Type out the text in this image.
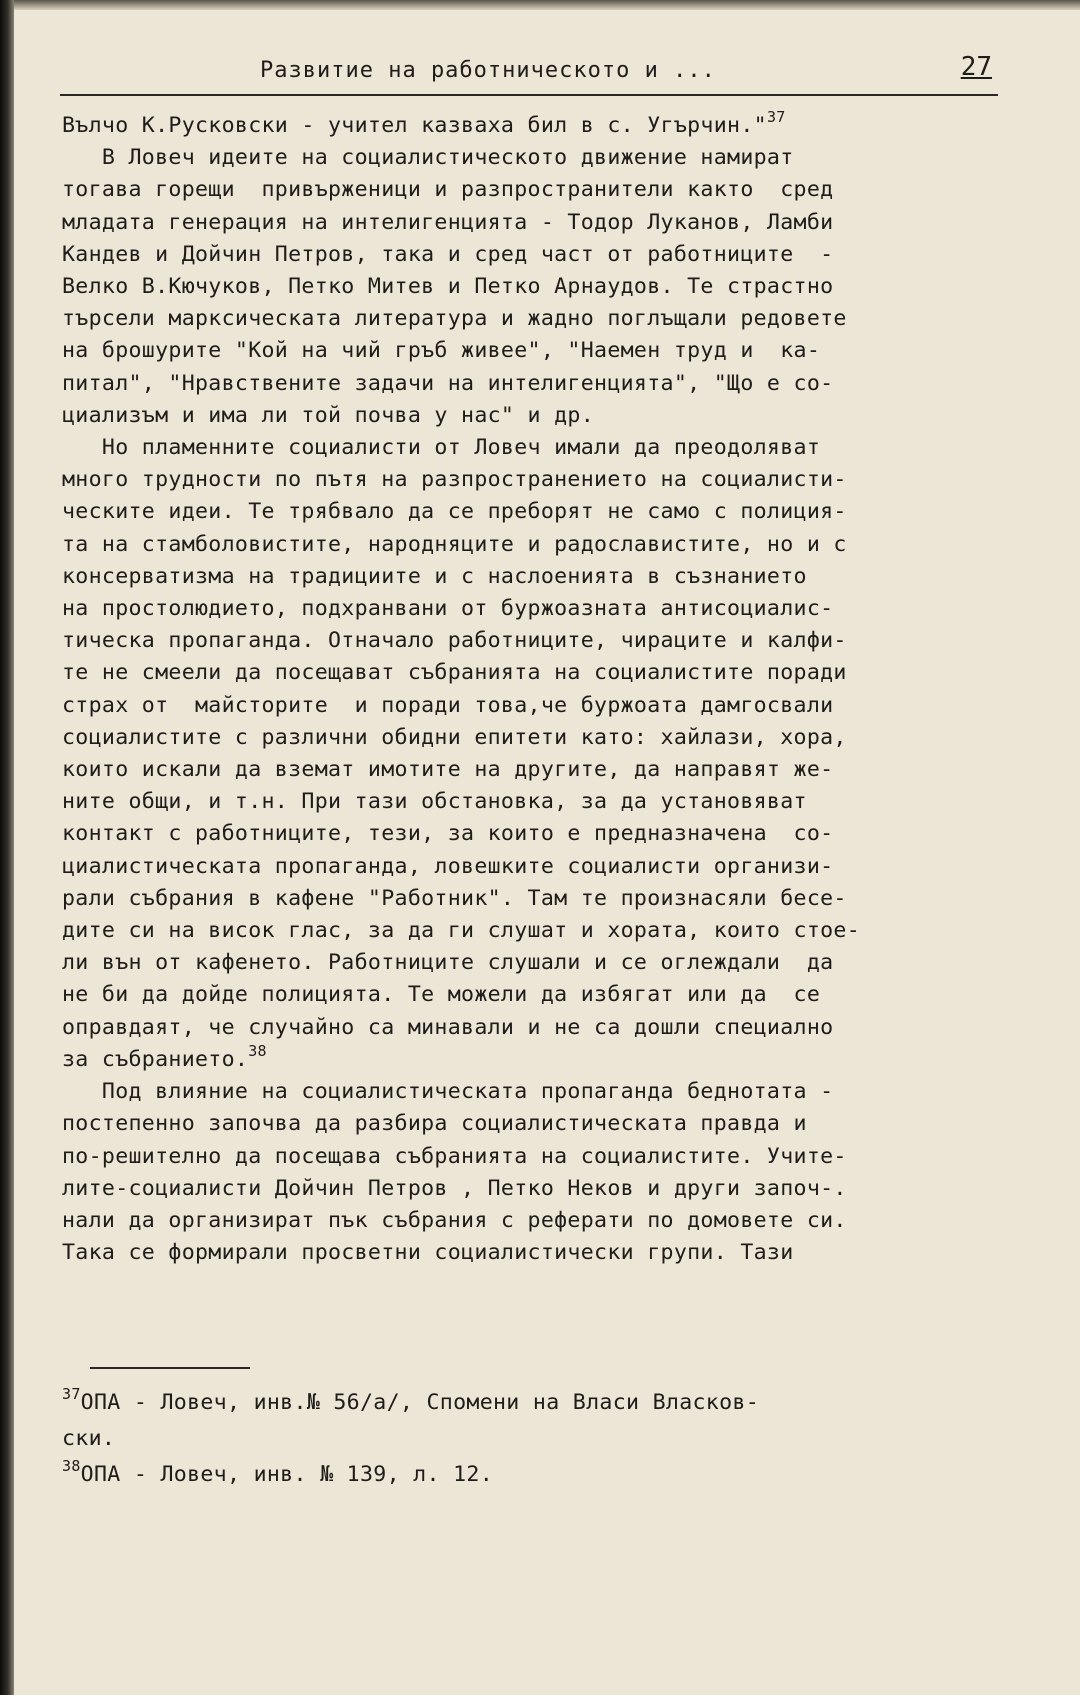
Развитие на работническото и ...	27
Вълчо К.Русковски - учител казваха бил в с. Угърчин."$^{37}$
В Ловеч идеите на социалистическото движение намират
тогава горещи  привърженици и разпространители както  сред
младата генерация на интелигенцията - Тодор Луканов, Ламби
Кандев и Дойчин Петров, така и сред част от работниците  -
Велко В.Кючуков, Петко Митев и Петко Арнаудов. Те страстно
търсели марксическата литература и жадно поглъщали редовете
на брошурите "Кой на чий гръб живее", "Наемен труд и  ка-
питал", "Нравствените задачи на интелигенцията", "Що е со-
циализъм и има ли той почва у нас" и др.
Но пламенните социалисти от Ловеч имали да преодоляват
много трудности по пътя на разпространението на социалисти-
ческите идеи. Те трябвало да се преборят не само с полиция-
та на стамболовистите, народняците и радославистите, но и с
консерватизма на традициите и с наслоенията в съзнанието
на простолюдието, подхранвани от буржоазната антисоциалис-
тическа пропаганда. Отначало работниците, чираците и калфи-
те не смеели да посещават събранията на социалистите поради
страх от  майсторите  и поради това,че буржоата дамгосвали
социалистите с различни обидни епитети като: хайлази, хора,
които искали да вземат имотите на другите, да направят же-
ните общи, и т.н. При тази обстановка, за да установяват
контакт с работниците, тези, за които е предназначена  со-
циалистическата пропаганда, ловешките социалисти организи-
рали събрания в кафене "Работник". Там те произнасяли бесе-
дите си на висок глас, за да ги слушат и хората, които стое-
ли вън от кафенето. Работниците слушали и се оглеждали  да
не би да дойде полицията. Те можели да избягат или да  се
оправдаят, че случайно са минавали и не са дошли специално
за събранието.$^{38}$
Под влияние на социалистическата пропаганда беднотата -
постепенно започва да разбира социалистическата правда и
по-решително да посещава събранията на социалистите. Учите-
лите-социалисти Дойчин Петров , Петко Неков и други започ-.
нали да организират пък събрания с реферати по домовете си.
Така се формирали просветни социалистически групи. Тази
$^{37}$ОПА - Ловеч, инв.№ 56/а/, Спомени на Власи Власков-
ски.
$^{38}$ОПА - Ловеч, инв. № 139, л. 12.
